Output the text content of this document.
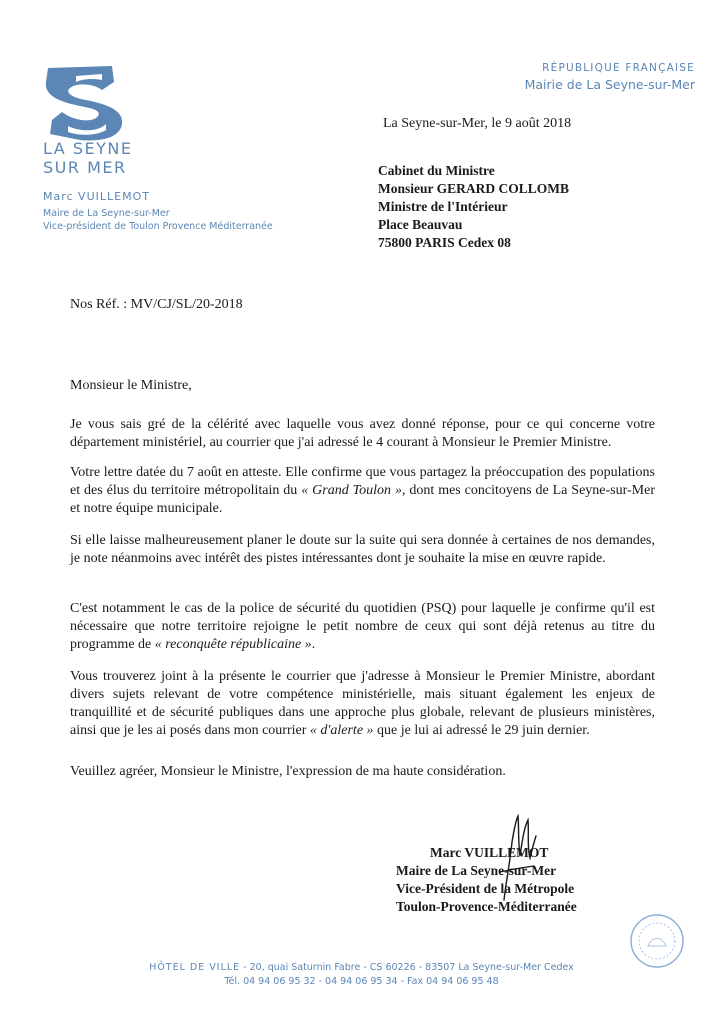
LA SEYNE
SUR MER
Marc VUILLEMOT
Maire de La Seyne-sur-Mer
Vice-président de Toulon Provence Méditerranée
RÉPUBLIQUE FRANÇAISE
Mairie de La Seyne-sur-Mer
La Seyne-sur-Mer, le 9 août 2018
Cabinet du Ministre
Monsieur GERARD COLLOMB
Ministre de l'Intérieur
Place Beauvau
75800 PARIS Cedex 08
Nos Réf. : MV/CJ/SL/20-2018
Monsieur le Ministre,

Je vous sais gré de la célérité avec laquelle vous avez donné réponse, pour ce qui concerne votre département ministériel, au courrier que j'ai adressé le 4 courant à Monsieur le Premier Ministre.

Votre lettre datée du 7 août en atteste. Elle confirme que vous partagez la préoccupation des populations et des élus du territoire métropolitain du « Grand Toulon », dont mes concitoyens de La Seyne-sur-Mer et notre équipe municipale.

Si elle laisse malheureusement planer le doute sur la suite qui sera donnée à certaines de nos demandes, je note néanmoins avec intérêt des pistes intéressantes dont je souhaite la mise en œuvre rapide.

C'est notamment le cas de la police de sécurité du quotidien (PSQ) pour laquelle je confirme qu'il est nécessaire que notre territoire rejoigne le petit nombre de ceux qui sont déjà retenus au titre du programme de « reconquête républicaine ».

Vous trouverez joint à la présente le courrier que j'adresse à Monsieur le Premier Ministre, abordant divers sujets relevant de votre compétence ministérielle, mais situant également les enjeux de tranquillité et de sécurité publiques dans une approche plus globale, relevant de plusieurs ministères, ainsi que je les ai posés dans mon courrier « d'alerte » que je lui ai adressé le 29 juin dernier.

Veuillez agréer, Monsieur le Ministre, l'expression de ma haute considération.
Marc VUILLEMOT
Maire de La Seyne-sur-Mer
Vice-Président de la Métropole
Toulon-Provence-Méditerranée
HÔTEL DE VILLE - 20, quai Saturnin Fabre - CS 60226 - 83507 La Seyne-sur-Mer Cedex
Tél. 04 94 06 95 32 - 04 94 06 95 34 - Fax 04 94 06 95 48
